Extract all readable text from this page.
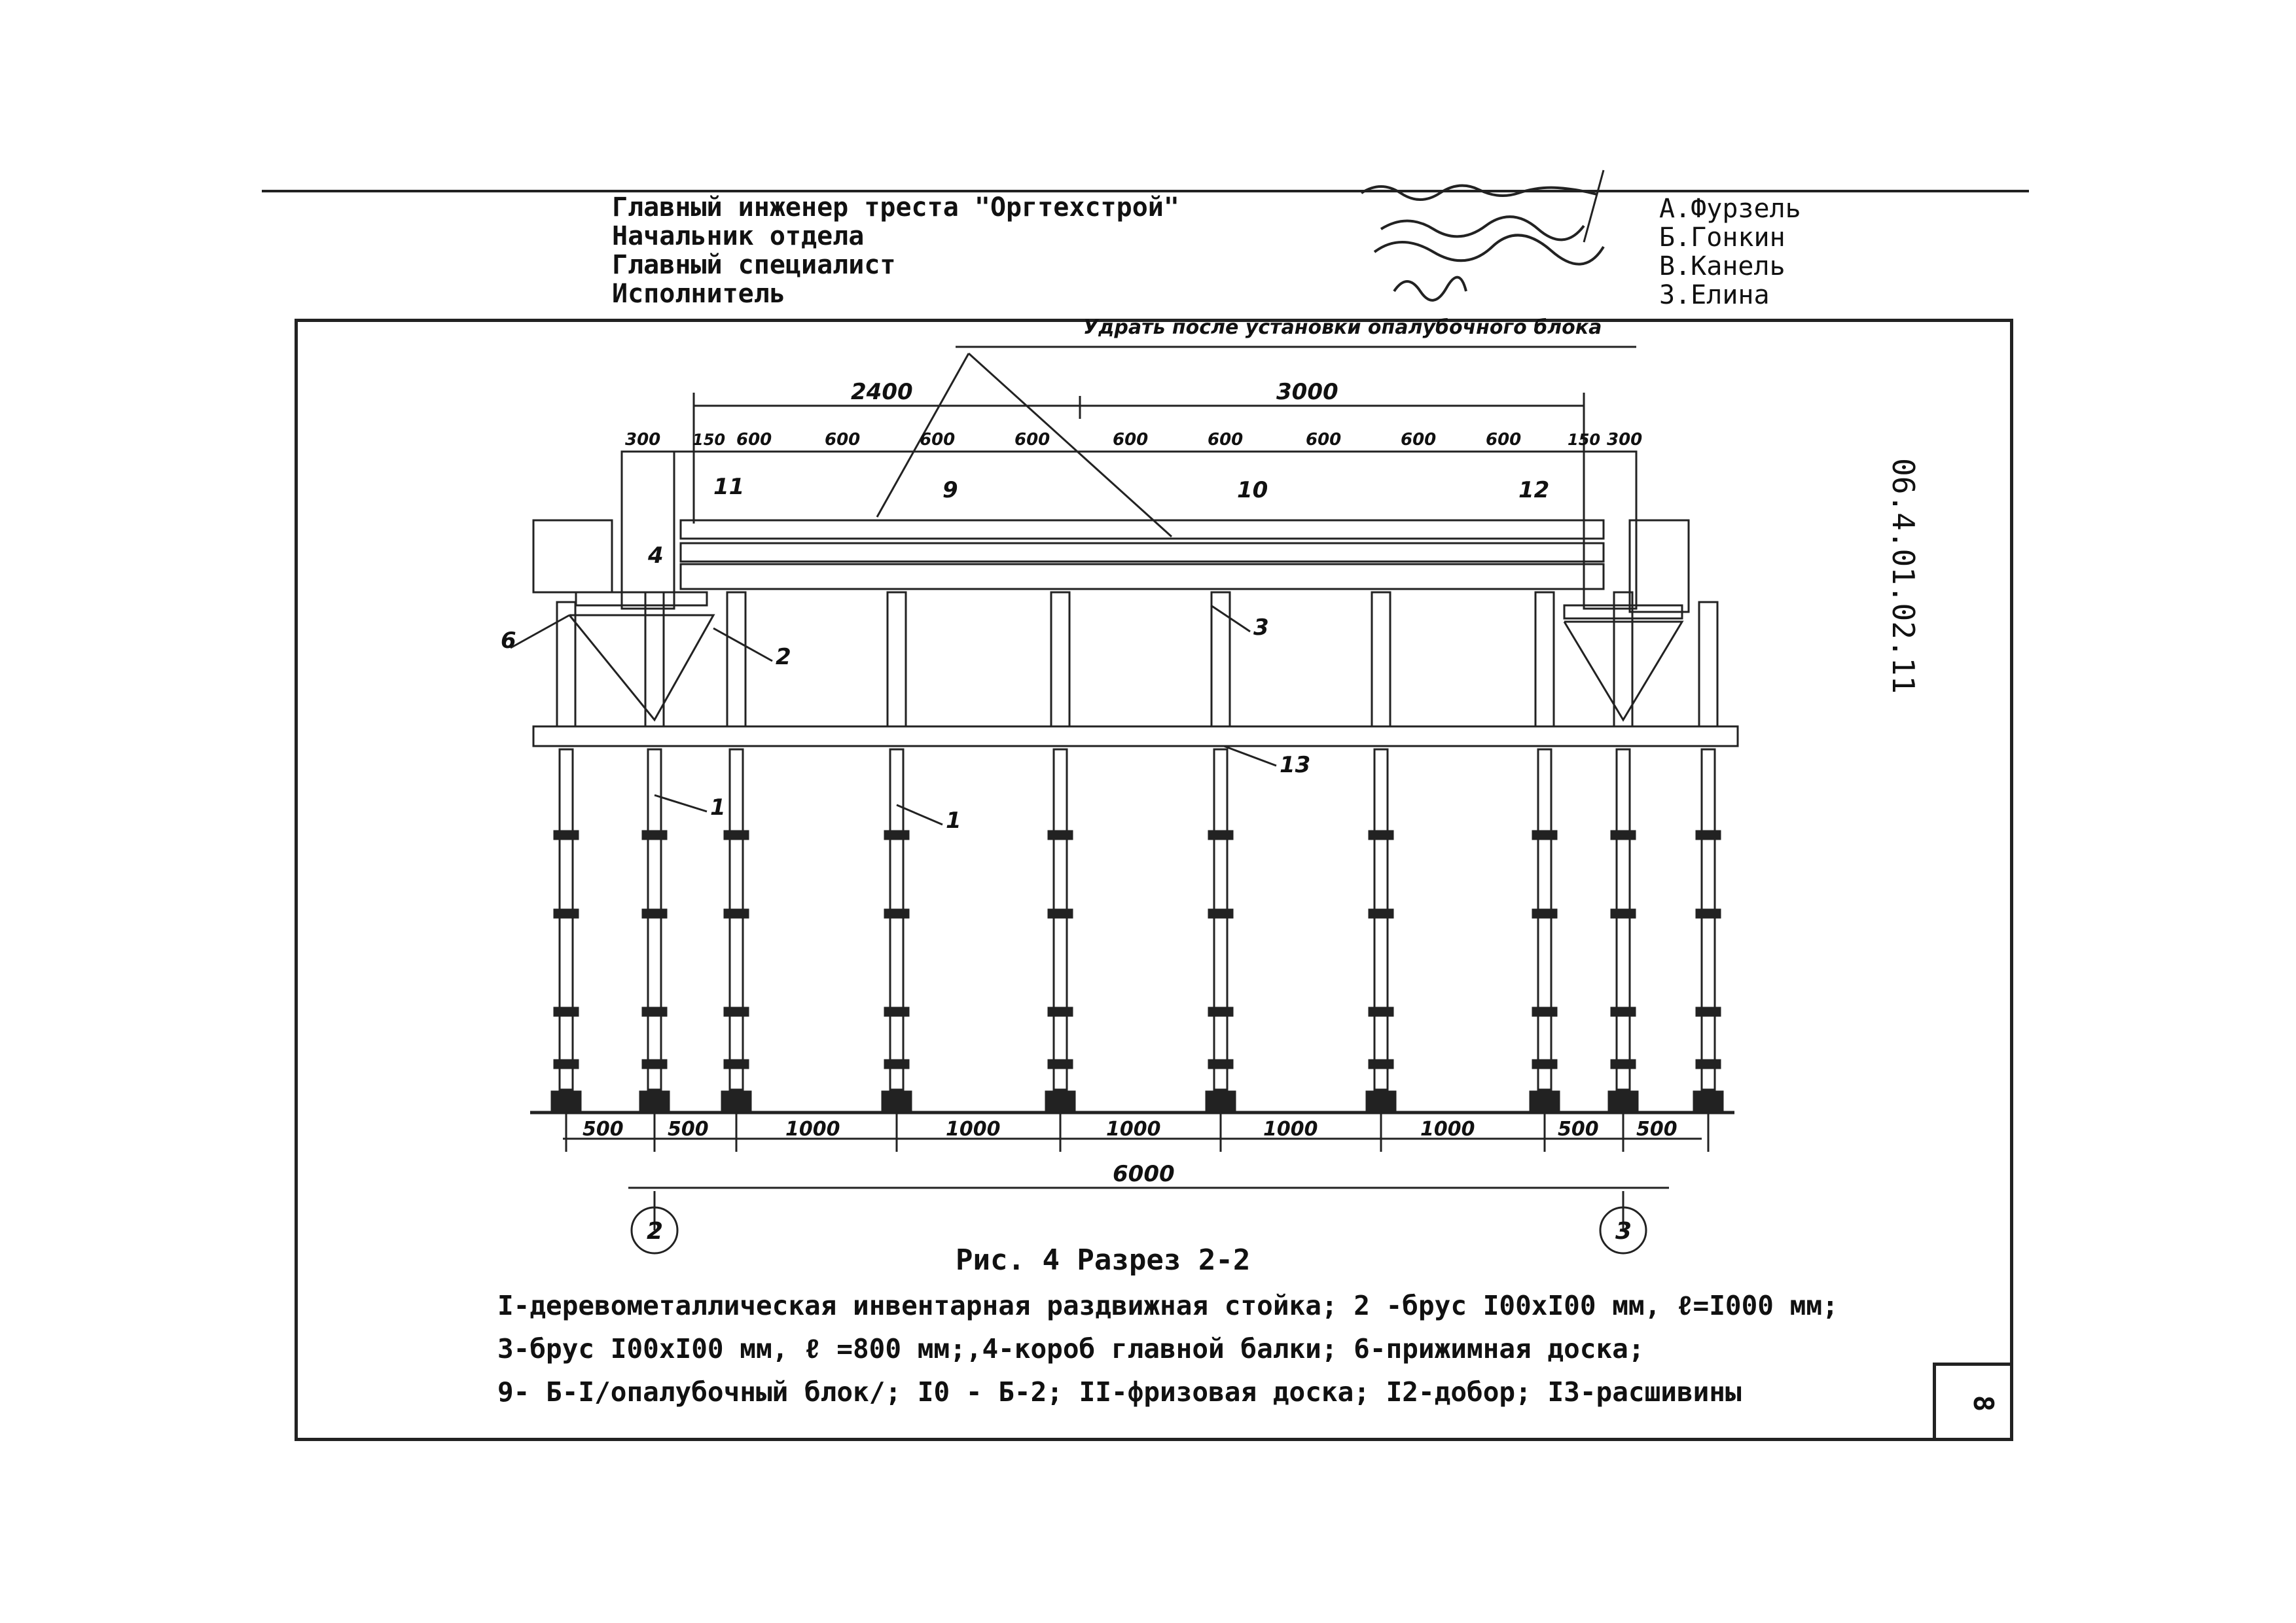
Главный инженер треста "Оргтехстрой"
Начальник отдела
Главный специалист
Исполнитель
А.Фурзель
Б.Гонкин
В.Канель
З.Елина
06.4.01.02.11
8
Удрать после установки опалубочного блока
2400	3000
300 150 600	600	600	600	600	600	600	600	600	150 300
11	9	10	12
4
6
2
3
13
1	1
500 500	1000	1000	1000	1000	1000	500 500
6000
2	3
Рис. 4 Разрез 2-2
I-деревометаллическая инвентарная раздвижная стойка; 2 -брус I00xI00 мм, ℓ=I000 мм;
3-брус I00xI00 мм, ℓ =800 мм;,4-короб главной балки; 6-прижимная доска;
9- Б-I/опалубочный блок/; I0 - Б-2; II-фризовая доска; I2-добор; I3-расшивины
